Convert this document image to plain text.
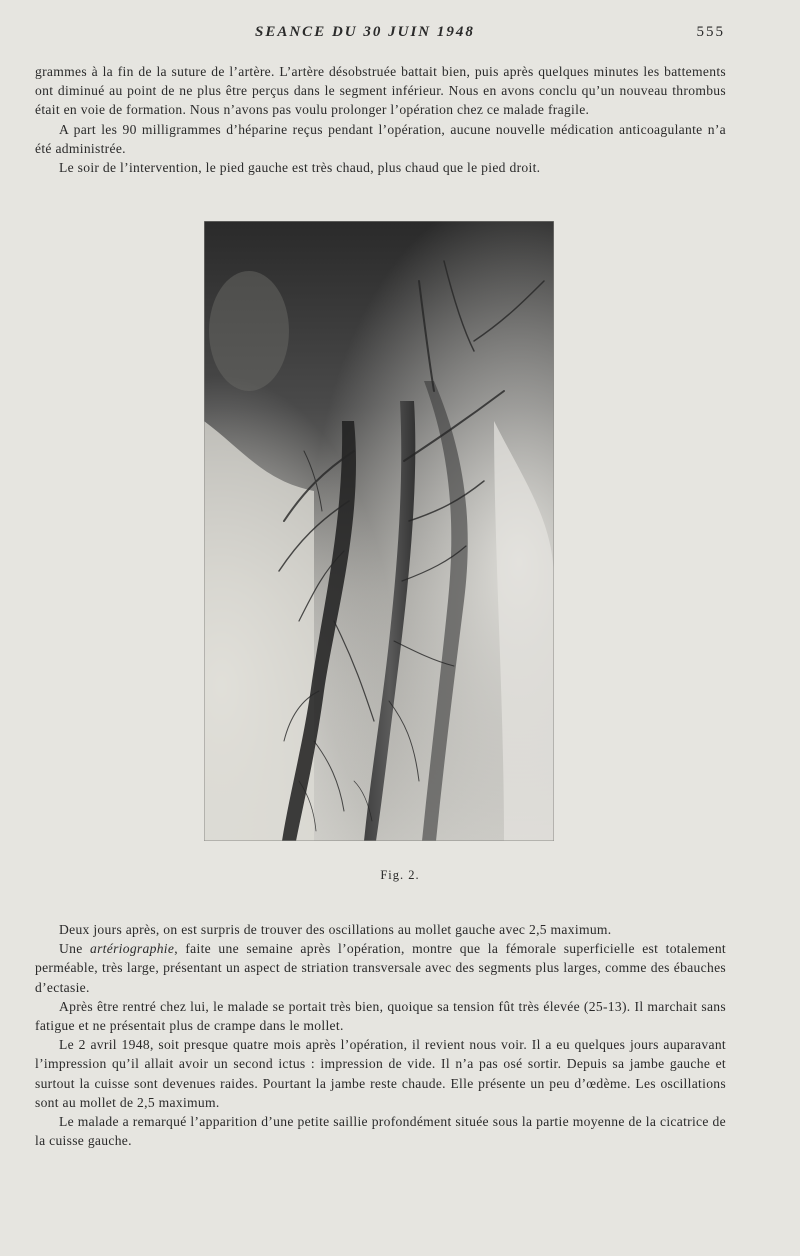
SEANCE DU 30 JUIN 1948	555

grammes à la fin de la suture de l’artère. L’artère désobstruée battait bien, puis après quelques minutes les battements ont diminué au point de ne plus être perçus dans le segment inférieur. Nous en avons conclu qu’un nouveau thrombus était en voie de formation. Nous n’avons pas voulu prolonger l’opération chez ce malade fragile.

A part les 90 milligrammes d’héparine reçus pendant l’opération, aucune nouvelle médication anticoagulante n’a été administrée.

Le soir de l’intervention, le pied gauche est très chaud, plus chaud que le pied droit.

Fig. 2.

Deux jours après, on est surpris de trouver des oscillations au mollet gauche avec 2,5 maximum.

Une artériographie, faite une semaine après l’opération, montre que la fémorale superficielle est totalement perméable, très large, présentant un aspect de striation transversale avec des segments plus larges, comme des ébauches d’ectasie.

Après être rentré chez lui, le malade se portait très bien, quoique sa tension fût très élevée (25-13). Il marchait sans fatigue et ne présentait plus de crampe dans le mollet.

Le 2 avril 1948, soit presque quatre mois après l’opération, il revient nous voir. Il a eu quelques jours auparavant l’impression qu’il allait avoir un second ictus : impression de vide. Il n’a pas osé sortir. Depuis sa jambe gauche et surtout la cuisse sont devenues raides. Pourtant la jambe reste chaude. Elle présente un peu d’œdème. Les oscillations sont au mollet de 2,5 maximum.

Le malade a remarqué l’apparition d’une petite saillie profondément située sous la partie moyenne de la cicatrice de la cuisse gauche.
